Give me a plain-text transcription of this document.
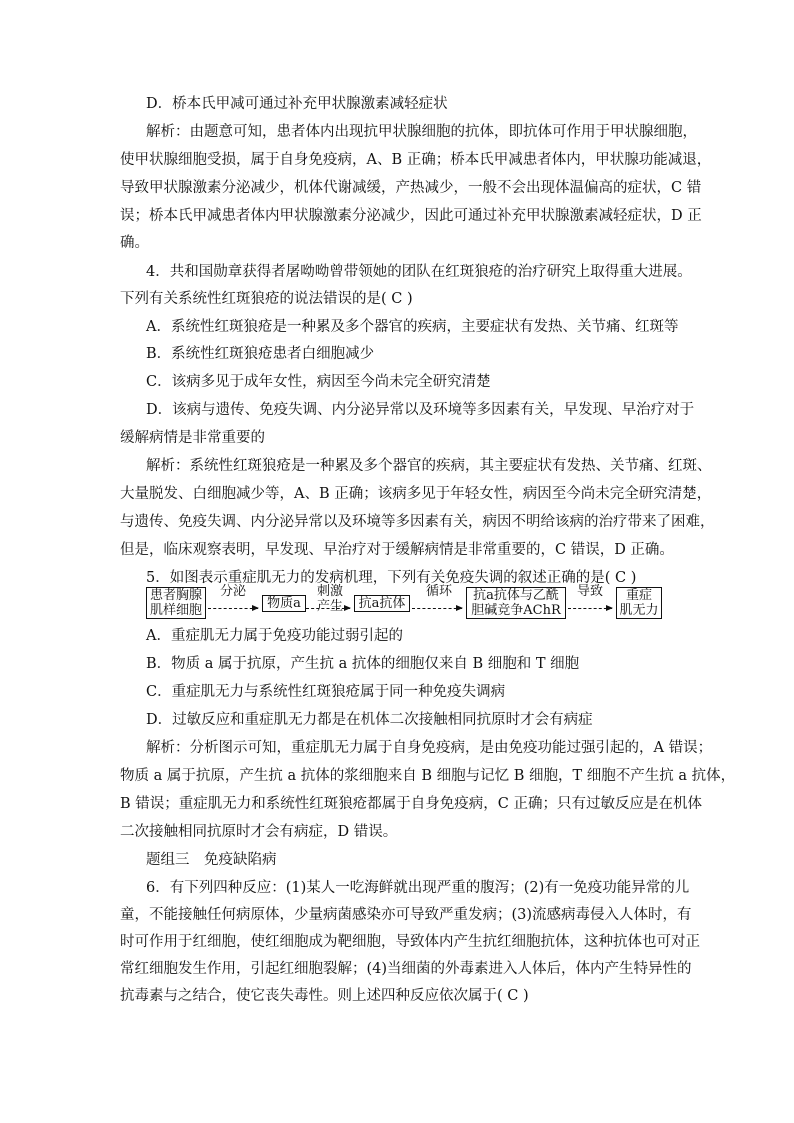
D．桥本氏甲减可通过补充甲状腺激素减轻症状
解析：由题意可知，患者体内出现抗甲状腺细胞的抗体，即抗体可作用于甲状腺细胞，
使甲状腺细胞受损，属于自身免疫病，A、B 正确；桥本氏甲减患者体内，甲状腺功能减退，
导致甲状腺激素分泌减少，机体代谢减缓，产热减少，一般不会出现体温偏高的症状，C 错
误；桥本氏甲减患者体内甲状腺激素分泌减少，因此可通过补充甲状腺激素减轻症状，D 正
确。
4．共和国勋章获得者屠呦呦曾带领她的团队在红斑狼疮的治疗研究上取得重大进展。
下列有关系统性红斑狼疮的说法错误的是( C )
A．系统性红斑狼疮是一种累及多个器官的疾病，主要症状有发热、关节痛、红斑等
B．系统性红斑狼疮患者白细胞减少
C．该病多见于成年女性，病因至今尚未完全研究清楚
D．该病与遗传、免疫失调、内分泌异常以及环境等多因素有关，早发现、早治疗对于
缓解病情是非常重要的
解析：系统性红斑狼疮是一种累及多个器官的疾病，其主要症状有发热、关节痛、红斑、
大量脱发、白细胞减少等，A、B 正确；该病多见于年轻女性，病因至今尚未完全研究清楚，
与遗传、免疫失调、内分泌异常以及环境等多因素有关，病因不明给该病的治疗带来了困难，
但是，临床观察表明，早发现、早治疗对于缓解病情是非常重要的，C 错误，D 正确。
5．如图表示重症肌无力的发病机理，下列有关免疫失调的叙述正确的是( C )
患者胸腺
肌样细胞
分泌
物质a
刺激
产生	抗a抗体
循环	抗a抗体与乙酰
胆碱竞争AChR
导致	重症
肌无力
A．重症肌无力属于免疫功能过弱引起的
B．物质 a 属于抗原，产生抗 a 抗体的细胞仅来自 B 细胞和 T 细胞
C．重症肌无力与系统性红斑狼疮属于同一种免疫失调病
D．过敏反应和重症肌无力都是在机体二次接触相同抗原时才会有病症
解析：分析图示可知，重症肌无力属于自身免疫病，是由免疫功能过强引起的，A 错误；
物质 a 属于抗原，产生抗 a 抗体的浆细胞来自 B 细胞与记忆 B 细胞，T 细胞不产生抗 a 抗体，
B 错误；重症肌无力和系统性红斑狼疮都属于自身免疫病，C 正确；只有过敏反应是在机体
二次接触相同抗原时才会有病症，D 错误。
题组三　免疫缺陷病
6．有下列四种反应：(1)某人一吃海鲜就出现严重的腹泻；(2)有一免疫功能异常的儿
童，不能接触任何病原体，少量病菌感染亦可导致严重发病；(3)流感病毒侵入人体时，有
时可作用于红细胞，使红细胞成为靶细胞，导致体内产生抗红细胞抗体，这种抗体也可对正
常红细胞发生作用，引起红细胞裂解；(4)当细菌的外毒素进入人体后，体内产生特异性的
抗毒素与之结合，使它丧失毒性。则上述四种反应依次属于( C )
